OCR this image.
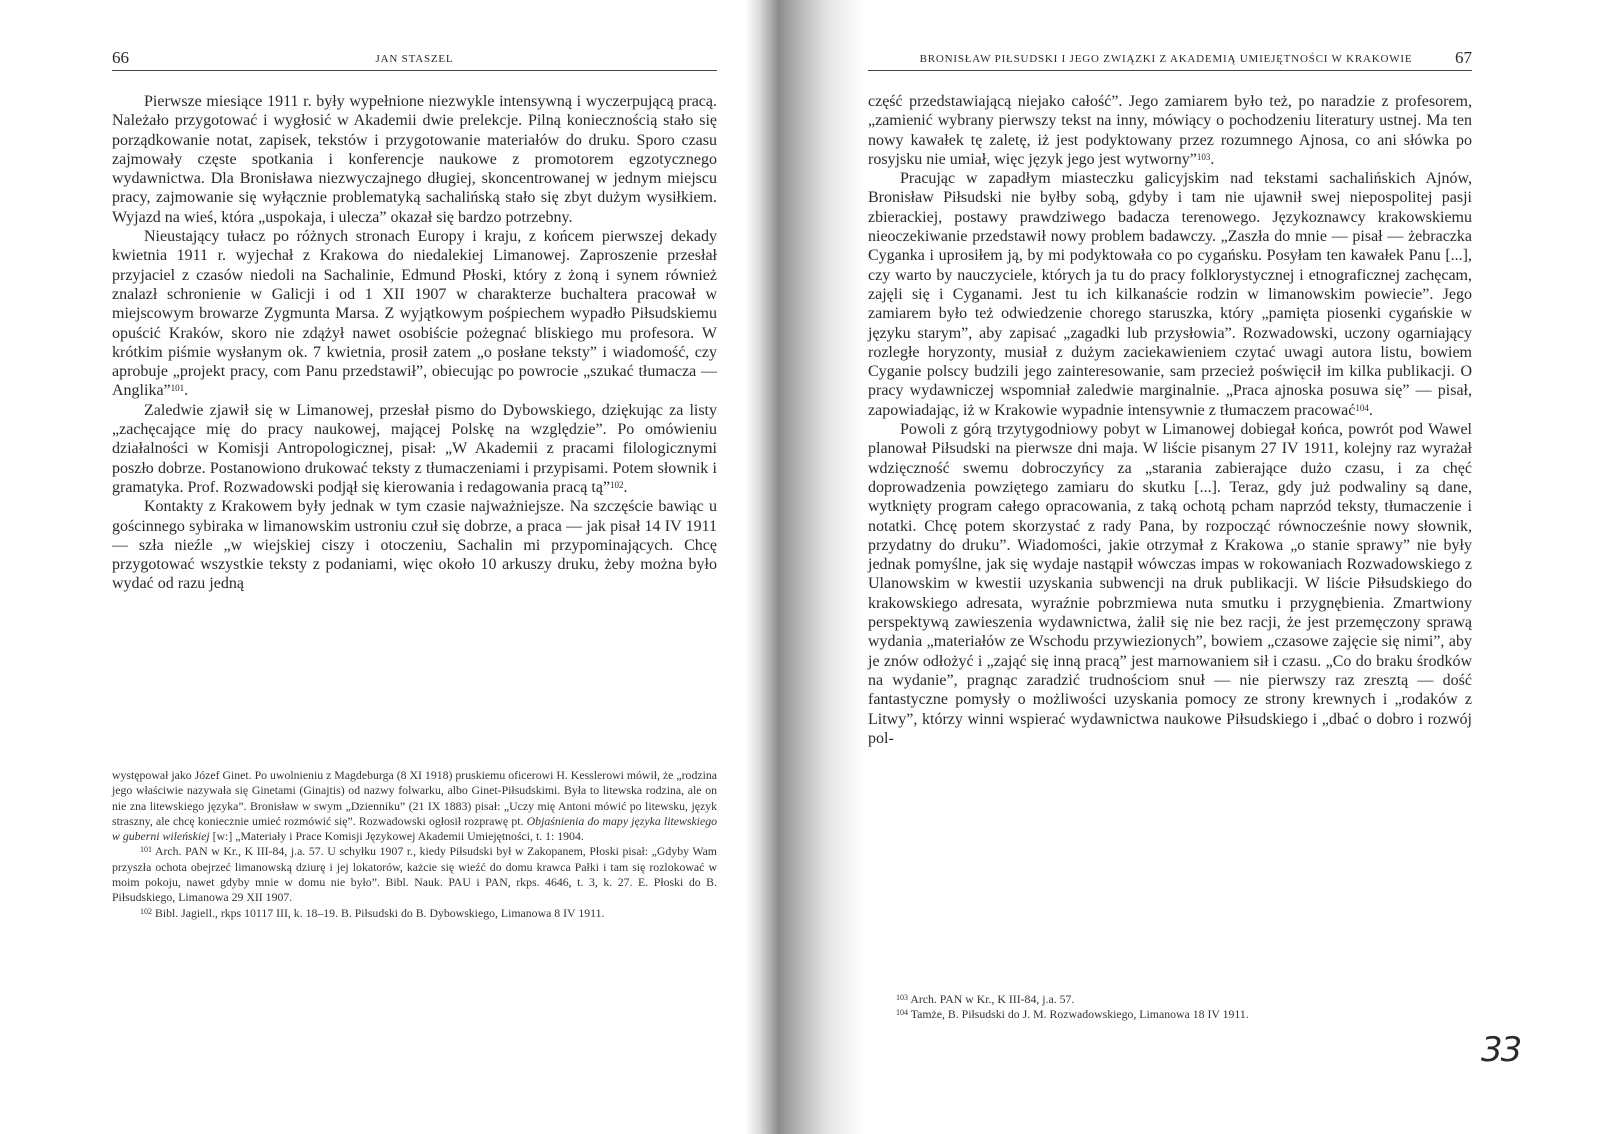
66	JAN STASZEL

Pierwsze miesiące 1911 r. były wypełnione niezwykle intensywną i wyczerpującą pracą. Należało przygotować i wygłosić w Akademii dwie prelekcje. Pilną koniecznością stało się porządkowanie notat, zapisek, tekstów i przygotowanie materiałów do druku. Sporo czasu zajmowały częste spotkania i konferencje naukowe z promotorem egzotycznego wydawnictwa. Dla Bronisława niezwyczajnego długiej, skoncentrowanej w jednym miejscu pracy, zajmowanie się wyłącznie problematyką sachalińską stało się zbyt dużym wysiłkiem. Wyjazd na wieś, która „uspokaja, i ulecza” okazał się bardzo potrzebny.

Nieustający tułacz po różnych stronach Europy i kraju, z końcem pierwszej dekady kwietnia 1911 r. wyjechał z Krakowa do niedalekiej Limanowej. Zaproszenie przesłał przyjaciel z czasów niedoli na Sachalinie, Edmund Płoski, który z żoną i synem również znalazł schronienie w Galicji i od 1 XII 1907 w charakterze buchaltera pracował w miejscowym browarze Zygmunta Marsa. Z wyjątkowym pośpiechem wypadło Piłsudskiemu opuścić Kraków, skoro nie zdążył nawet osobiście pożegnać bliskiego mu profesora. W krótkim piśmie wysłanym ok. 7 kwietnia, prosił zatem „o posłane teksty” i wiadomość, czy aprobuje „projekt pracy, com Panu przedstawił”, obiecując po powrocie „szukać tłumacza — Anglika”$^{101}$.

Zaledwie zjawił się w Limanowej, przesłał pismo do Dybowskiego, dziękując za listy „zachęcające mię do pracy naukowej, mającej Polskę na względzie”. Po omówieniu działalności w Komisji Antropologicznej, pisał: „W Akademii z pracami filologicznymi poszło dobrze. Postanowiono drukować teksty z tłumaczeniami i przypisami. Potem słownik i gramatyka. Prof. Rozwadowski podjął się kierowania i redagowania pracą tą”$^{102}$.

Kontakty z Krakowem były jednak w tym czasie najważniejsze. Na szczęście bawiąc u gościnnego sybiraka w limanowskim ustroniu czuł się dobrze, a praca — jak pisał 14 IV 1911 — szła nieźle „w wiejskiej ciszy i otoczeniu, Sachalin mi przypominających. Chcę przygotować wszystkie teksty z podaniami, więc około 10 arkuszy druku, żeby można było wydać od razu jedną

występował jako Józef Ginet. Po uwolnieniu z Magdeburga (8 XI 1918) pruskiemu oficerowi H. Kesslerowi mówił, że „rodzina jego właściwie nazywała się Ginetami (Ginajtis) od nazwy folwarku, albo Ginet-Piłsudskimi. Była to litewska rodzina, ale on nie zna litewskiego języka”. Bronisław w swym „Dzienniku” (21 IX 1883) pisał: „Uczy mię Antoni mówić po litewsku, język straszny, ale chcę koniecznie umieć rozmówić się”. Rozwadowski ogłosił rozprawę pt. Objaśnienia do mapy języka litewskiego w guberni wileńskiej [w:] „Materiały i Prace Komisji Językowej Akademii Umiejętności, t. 1: 1904.

$^{101}$ Arch. PAN w Kr., K III-84, j.a. 57. U schyłku 1907 r., kiedy Piłsudski był w Zakopanem, Płoski pisał: „Gdyby Wam przyszła ochota obejrzeć limanowską dziurę i jej lokatorów, każcie się wieźć do domu krawca Pałki i tam się rozlokować w moim pokoju, nawet gdyby mnie w domu nie było”. Bibl. Nauk. PAU i PAN, rkps. 4646, t. 3, k. 27. E. Płoski do B. Piłsudskiego, Limanowa 29 XII 1907.

$^{102}$ Bibl. Jagiell., rkps 10117 III, k. 18–19. B. Piłsudski do B. Dybowskiego, Limanowa 8 IV 1911.

BRONISŁAW PIŁSUDSKI I JEGO ZWIĄZKI Z AKADEMIĄ UMIEJĘTNOŚCI W KRAKOWIE	67

część przedstawiającą niejako całość”. Jego zamiarem było też, po naradzie z profesorem, „zamienić wybrany pierwszy tekst na inny, mówiący o pochodzeniu literatury ustnej. Ma ten nowy kawałek tę zaletę, iż jest podyktowany przez rozumnego Ajnosa, co ani słówka po rosyjsku nie umiał, więc język jego jest wytworny”$^{103}$.

Pracując w zapadłym miasteczku galicyjskim nad tekstami sachalińskich Ajnów, Bronisław Piłsudski nie byłby sobą, gdyby i tam nie ujawnił swej niepospolitej pasji zbierackiej, postawy prawdziwego badacza terenowego. Językoznawcy krakowskiemu nieoczekiwanie przedstawił nowy problem badawczy. „Zaszła do mnie — pisał — żebraczka Cyganka i uprosiłem ją, by mi podyktowała co po cygańsku. Posyłam ten kawałek Panu [...], czy warto by nauczyciele, których ja tu do pracy folklorystycznej i etnograficznej zachęcam, zajęli się i Cyganami. Jest tu ich kilkanaście rodzin w limanowskim powiecie”. Jego zamiarem było też odwiedzenie chorego staruszka, który „pamięta piosenki cygańskie w języku starym”, aby zapisać „zagadki lub przysłowia”. Rozwadowski, uczony ogarniający rozległe horyzonty, musiał z dużym zaciekawieniem czytać uwagi autora listu, bowiem Cyganie polscy budzili jego zainteresowanie, sam przecież poświęcił im kilka publikacji. O pracy wydawniczej wspomniał zaledwie marginalnie. „Praca ajnoska posuwa się” — pisał, zapowiadając, iż w Krakowie wypadnie intensywnie z tłumaczem pracować$^{104}$.

Powoli z górą trzytygodniowy pobyt w Limanowej dobiegał końca, powrót pod Wawel planował Piłsudski na pierwsze dni maja. W liście pisanym 27 IV 1911, kolejny raz wyrażał wdzięczność swemu dobroczyńcy za „starania zabierające dużo czasu, i za chęć doprowadzenia powziętego zamiaru do skutku [...]. Teraz, gdy już podwaliny są dane, wytknięty program całego opracowania, z taką ochotą pcham naprzód teksty, tłumaczenie i notatki. Chcę potem skorzystać z rady Pana, by rozpocząć równocześnie nowy słownik, przydatny do druku”. Wiadomości, jakie otrzymał z Krakowa „o stanie sprawy” nie były jednak pomyślne, jak się wydaje nastąpił wówczas impas w rokowaniach Rozwadowskiego z Ulanowskim w kwestii uzyskania subwencji na druk publikacji. W liście Piłsudskiego do krakowskiego adresata, wyraźnie pobrzmiewa nuta smutku i przygnębienia. Zmartwiony perspektywą zawieszenia wydawnictwa, żalił się nie bez racji, że jest przemęczony sprawą wydania „materiałów ze Wschodu przywiezionych”, bowiem „czasowe zajęcie się nimi”, aby je znów odłożyć i „zająć się inną pracą” jest marnowaniem sił i czasu. „Co do braku środków na wydanie”, pragnąc zaradzić trudnościom snuł — nie pierwszy raz zresztą — dość fantastyczne pomysły o możliwości uzyskania pomocy ze strony krewnych i „rodaków z Litwy”, którzy winni wspierać wydawnictwa naukowe Piłsudskiego i „dbać o dobro i rozwój pol-

$^{103}$ Arch. PAN w Kr., K III-84, j.a. 57.

$^{104}$ Tamże, B. Piłsudski do J. M. Rozwadowskiego, Limanowa 18 IV 1911.

33
